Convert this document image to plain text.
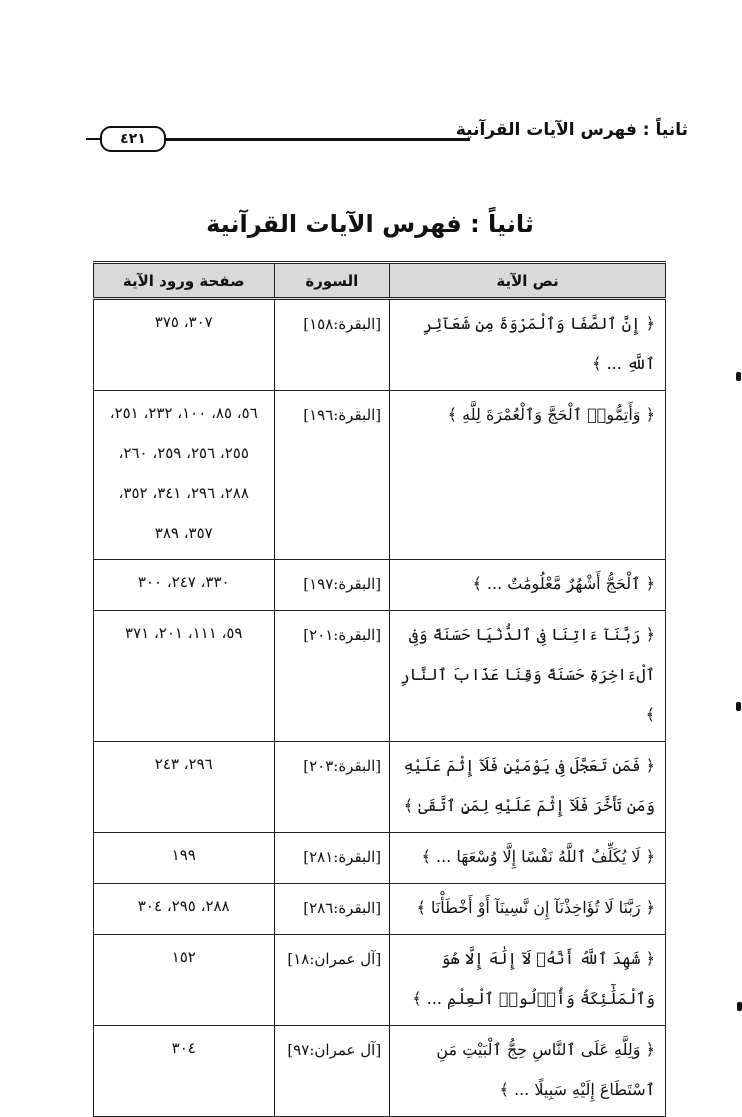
ثانياً : فهرس الآيات القرآنية
٤٢١
ثانياً : فهرس الآيات القرآنية
نص الآية	السورة	صفحة ورود الآية
﴿ إِنَّ ٱلصَّفَا وَٱلْمَرْوَةَ مِن شَعَآئِرِ ٱللَّهِ ... ﴾	[البقرة:١٥٨]	٣٠٧، ٣٧٥
﴿ وَأَتِمُّوا۟ ٱلْحَجَّ وَٱلْعُمْرَةَ لِلَّهِ ﴾	[البقرة:١٩٦]	٥٦، ٨٥، ١٠٠، ٢٣٢، ٢٥١، ٢٥٥، ٢٥٦، ٢٥٩، ٢٦٠، ٢٨٨، ٢٩٦، ٣٤١، ٣٥٢، ٣٥٧، ٣٨٩
﴿ ٱلْحَجُّ أَشْهُرٌ مَّعْلُومَٰتٌ ... ﴾	[البقرة:١٩٧]	٣٣٠، ٢٤٧، ٣٠٠
﴿ رَبَّنَآ ءَاتِنَا فِى ٱلدُّنْيَا حَسَنَةً وَفِى ٱلْءَاخِرَةِ حَسَنَةً وَقِنَا عَذَابَ ٱلنَّارِ ﴾	[البقرة:٢٠١]	٥٩، ١١١، ٢٠١، ٣٧١
﴿ فَمَن تَعَجَّلَ فِى يَوْمَيْنِ فَلَآ إِثْمَ عَلَيْهِ وَمَن تَأَخَّرَ فَلَآ إِثْمَ عَلَيْهِ لِمَنِ ٱتَّقَىٰ ﴾	[البقرة:٢٠٣]	٢٩٦، ٢٤٣
﴿ لَا يُكَلِّفُ ٱللَّهُ نَفْسًا إِلَّا وُسْعَهَا ... ﴾	[البقرة:٢٨١]	١٩٩
﴿ رَبَّنَا لَا تُؤَاخِذْنَآ إِن نَّسِينَآ أَوْ أَخْطَأْنَا ﴾	[البقرة:٢٨٦]	٢٨٨، ٢٩٥، ٣٠٤
﴿ شَهِدَ ٱللَّهُ أَنَّهُۥ لَآ إِلَٰهَ إِلَّا هُوَ وَٱلْمَلَٰٓئِكَةُ وَأُو۟لُوا۟ ٱلْعِلْمِ ... ﴾	[آل عمران:١٨]	١٥٢
﴿ وَلِلَّهِ عَلَى ٱلنَّاسِ حِجُّ ٱلْبَيْتِ مَنِ ٱسْتَطَاعَ إِلَيْهِ سَبِيلًا ... ﴾	[آل عمران:٩٧]	٣٠٤
